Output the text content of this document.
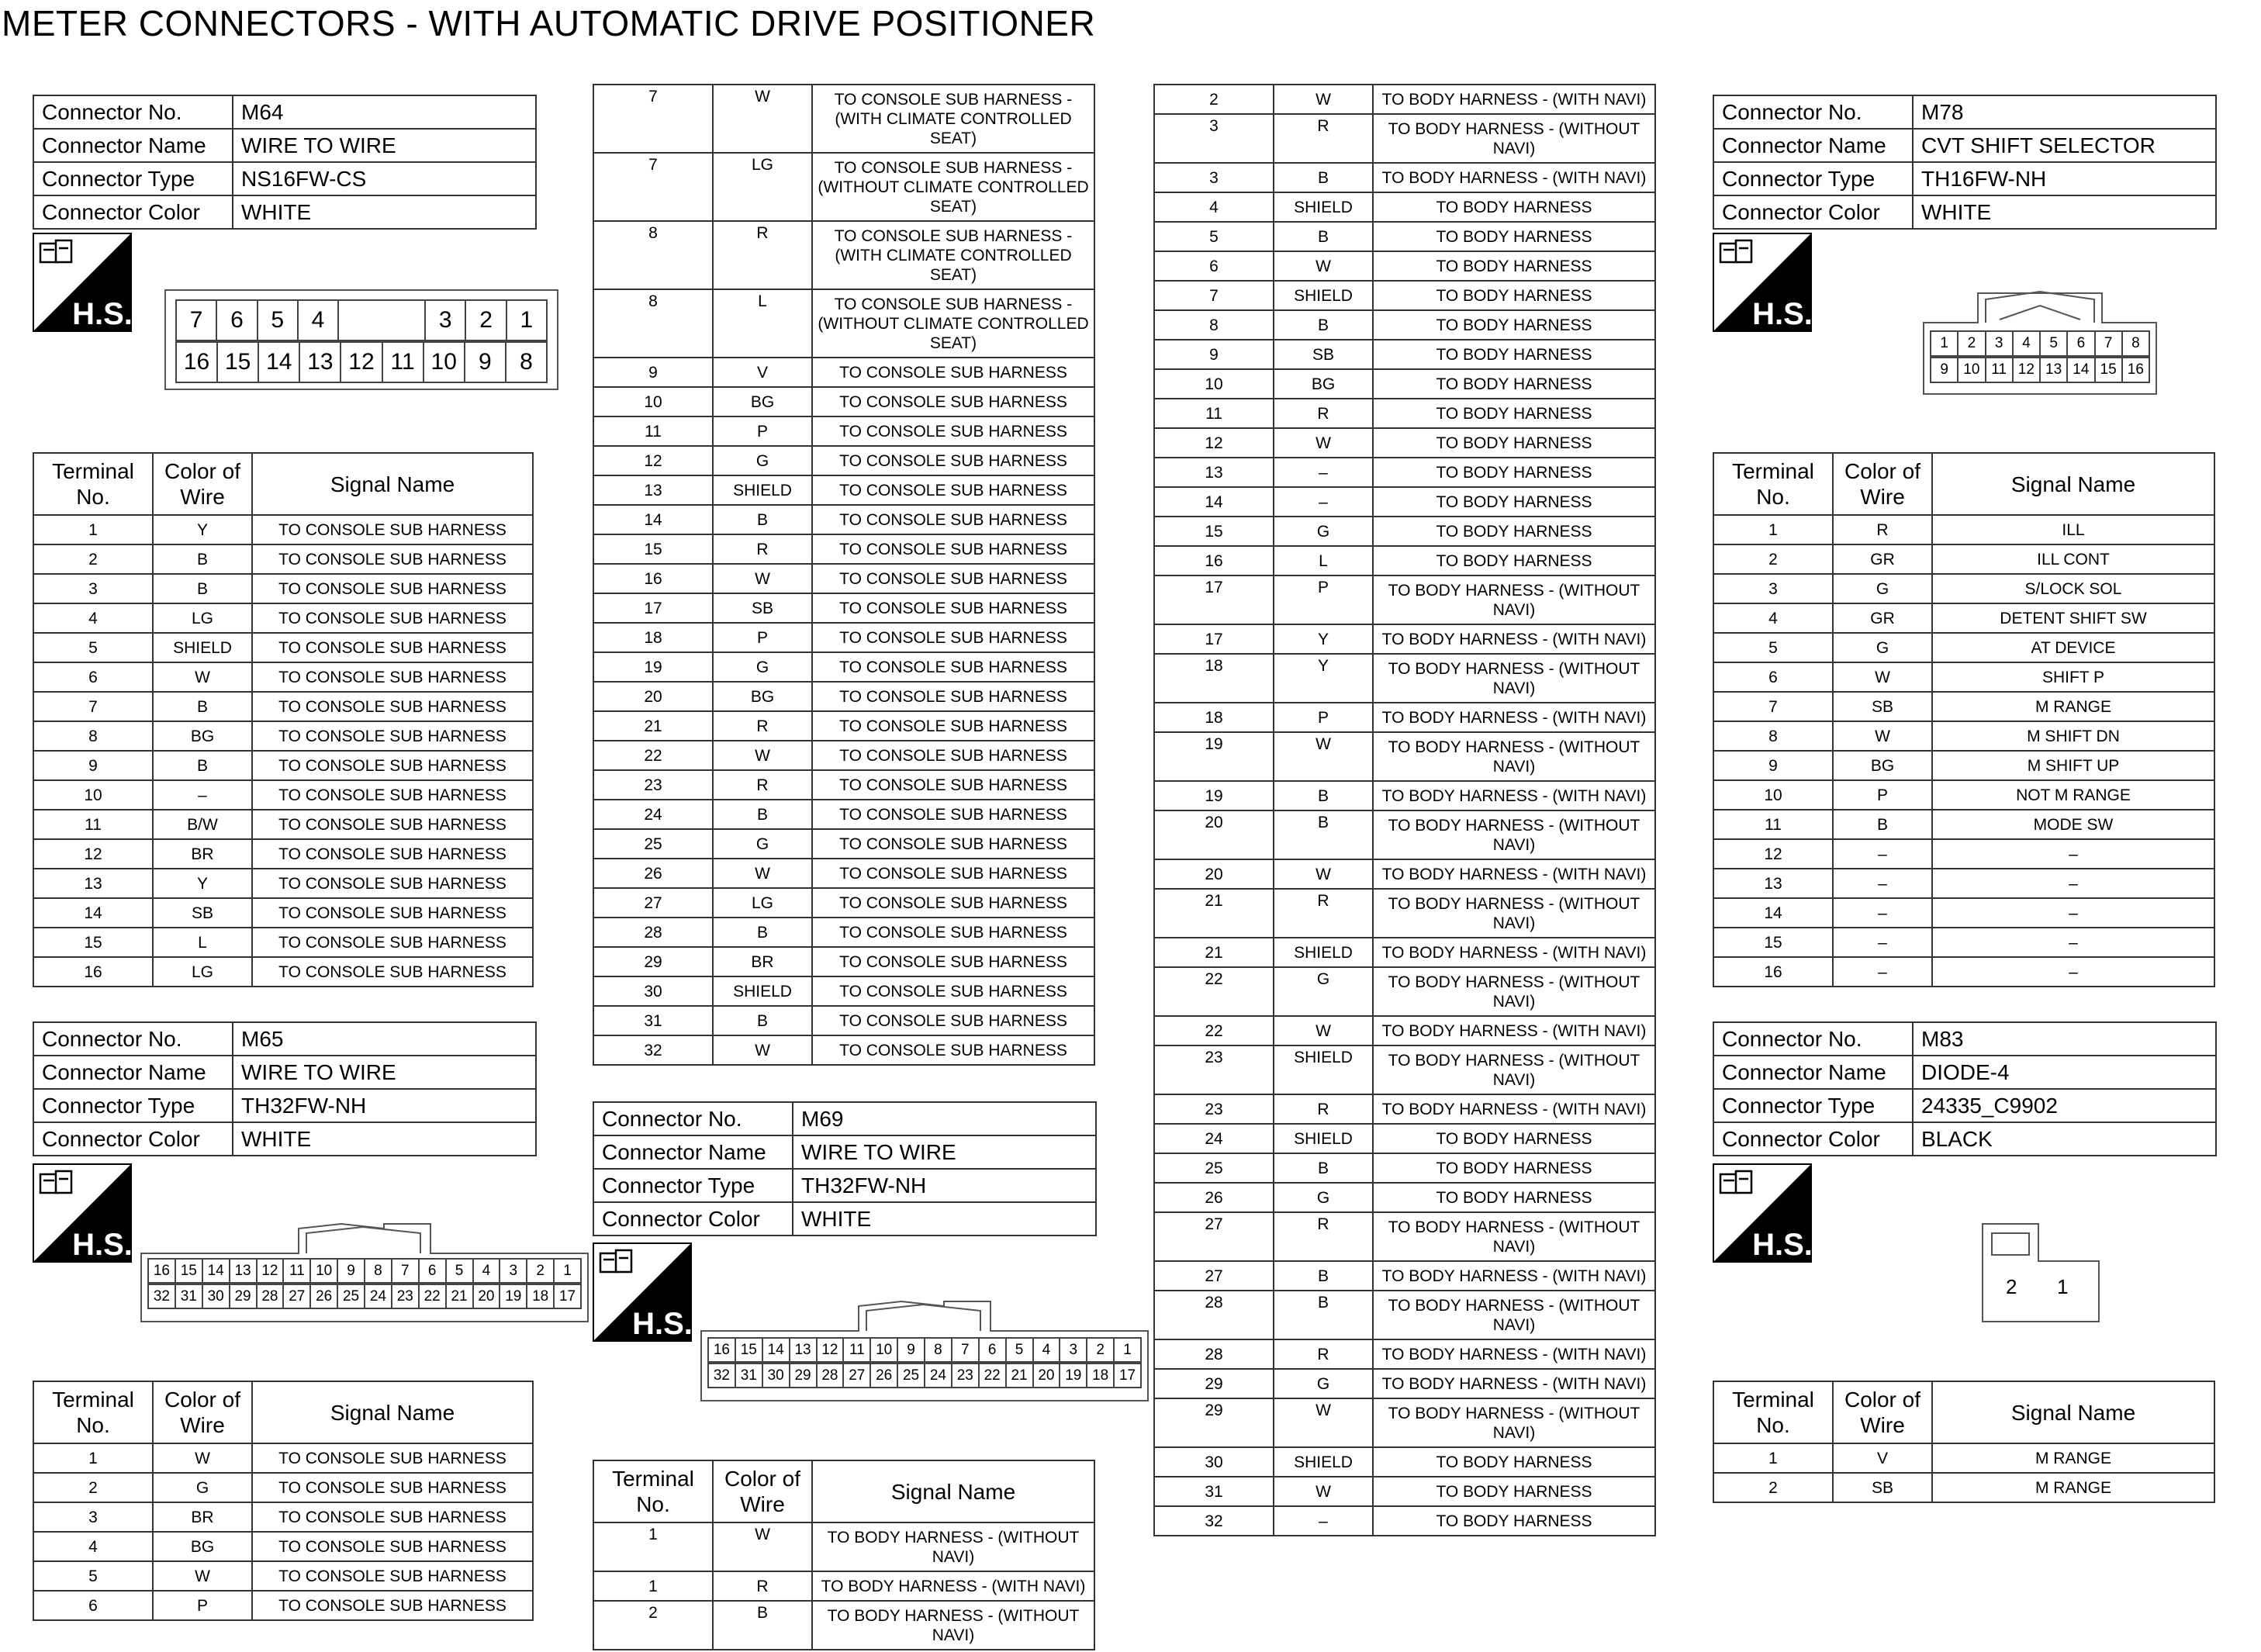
METER CONNECTORS - WITH AUTOMATIC DRIVE POSITIONER
Connector No.	M64
Connector Name	WIRE TO WIRE
Connector Type	NS16FW-CS
Connector Color	WHITE
H.S. 7	6	5	4		3	2	1
16	15	14	13	12	11	10	9	8
Terminal No.	Color of Wire	Signal Name
1	Y	TO CONSOLE SUB HARNESS
2	B	TO CONSOLE SUB HARNESS
3	B	TO CONSOLE SUB HARNESS
4	LG	TO CONSOLE SUB HARNESS
5	SHIELD	TO CONSOLE SUB HARNESS
6	W	TO CONSOLE SUB HARNESS
7	B	TO CONSOLE SUB HARNESS
8	BG	TO CONSOLE SUB HARNESS
9	B	TO CONSOLE SUB HARNESS
10	–	TO CONSOLE SUB HARNESS
11	B/W	TO CONSOLE SUB HARNESS
12	BR	TO CONSOLE SUB HARNESS
13	Y	TO CONSOLE SUB HARNESS
14	SB	TO CONSOLE SUB HARNESS
15	L	TO CONSOLE SUB HARNESS
16	LG	TO CONSOLE SUB HARNESS
Connector No.	M65
Connector Name	WIRE TO WIRE
Connector Type	TH32FW-NH
Connector Color	WHITE
H.S.
16	15	14	13	12	11	10	9	8	7	6	5	4	3	2	1
32	31	30	29	28	27	26	25	24	23	22	21	20	19	18	17
Terminal No.	Color of Wire	Signal Name
1	W	TO CONSOLE SUB HARNESS
2	G	TO CONSOLE SUB HARNESS
3	BR	TO CONSOLE SUB HARNESS
4	BG	TO CONSOLE SUB HARNESS
5	W	TO CONSOLE SUB HARNESS
6	P	TO CONSOLE SUB HARNESS
7	W	TO CONSOLE SUB HARNESS - (WITH CLIMATE CONTROLLED SEAT)
7	LG	TO CONSOLE SUB HARNESS - (WITHOUT CLIMATE CONTROLLED SEAT)
8	R	TO CONSOLE SUB HARNESS - (WITH CLIMATE CONTROLLED SEAT)
8	L	TO CONSOLE SUB HARNESS - (WITHOUT CLIMATE CONTROLLED SEAT)
9	V	TO CONSOLE SUB HARNESS
10	BG	TO CONSOLE SUB HARNESS
11	P	TO CONSOLE SUB HARNESS
12	G	TO CONSOLE SUB HARNESS
13	SHIELD	TO CONSOLE SUB HARNESS
14	B	TO CONSOLE SUB HARNESS
15	R	TO CONSOLE SUB HARNESS
16	W	TO CONSOLE SUB HARNESS
17	SB	TO CONSOLE SUB HARNESS
18	P	TO CONSOLE SUB HARNESS
19	G	TO CONSOLE SUB HARNESS
20	BG	TO CONSOLE SUB HARNESS
21	R	TO CONSOLE SUB HARNESS
22	W	TO CONSOLE SUB HARNESS
23	R	TO CONSOLE SUB HARNESS
24	B	TO CONSOLE SUB HARNESS
25	G	TO CONSOLE SUB HARNESS
26	W	TO CONSOLE SUB HARNESS
27	LG	TO CONSOLE SUB HARNESS
28	B	TO CONSOLE SUB HARNESS
29	BR	TO CONSOLE SUB HARNESS
30	SHIELD	TO CONSOLE SUB HARNESS
31	B	TO CONSOLE SUB HARNESS
32	W	TO CONSOLE SUB HARNESS
Connector No.	M69
Connector Name	WIRE TO WIRE
Connector Type	TH32FW-NH
Connector Color	WHITE
H.S.
16	15	14	13	12	11	10	9	8	7	6	5	4	3	2	1
32	31	30	29	28	27	26	25	24	23	22	21	20	19	18	17
Terminal No.	Color of Wire	Signal Name
1	W	TO BODY HARNESS - (WITHOUT NAVI)
1	R	TO BODY HARNESS - (WITH NAVI)
2	B	TO BODY HARNESS - (WITHOUT NAVI)
2	W	TO BODY HARNESS - (WITH NAVI)
3	R	TO BODY HARNESS - (WITHOUT NAVI)
3	B	TO BODY HARNESS - (WITH NAVI)
4	SHIELD	TO BODY HARNESS
5	B	TO BODY HARNESS
6	W	TO BODY HARNESS
7	SHIELD	TO BODY HARNESS
8	B	TO BODY HARNESS
9	SB	TO BODY HARNESS
10	BG	TO BODY HARNESS
11	R	TO BODY HARNESS
12	W	TO BODY HARNESS
13	–	TO BODY HARNESS
14	–	TO BODY HARNESS
15	G	TO BODY HARNESS
16	L	TO BODY HARNESS
17	P	TO BODY HARNESS - (WITHOUT NAVI)
17	Y	TO BODY HARNESS - (WITH NAVI)
18	Y	TO BODY HARNESS - (WITHOUT NAVI)
18	P	TO BODY HARNESS - (WITH NAVI)
19	W	TO BODY HARNESS - (WITHOUT NAVI)
19	B	TO BODY HARNESS - (WITH NAVI)
20	B	TO BODY HARNESS - (WITHOUT NAVI)
20	W	TO BODY HARNESS - (WITH NAVI)
21	R	TO BODY HARNESS - (WITHOUT NAVI)
21	SHIELD	TO BODY HARNESS - (WITH NAVI)
22	G	TO BODY HARNESS - (WITHOUT NAVI)
22	W	TO BODY HARNESS - (WITH NAVI)
23	SHIELD	TO BODY HARNESS - (WITHOUT NAVI)
23	R	TO BODY HARNESS - (WITH NAVI)
24	SHIELD	TO BODY HARNESS
25	B	TO BODY HARNESS
26	G	TO BODY HARNESS
27	R	TO BODY HARNESS - (WITHOUT NAVI)
27	B	TO BODY HARNESS - (WITH NAVI)
28	B	TO BODY HARNESS - (WITHOUT NAVI)
28	R	TO BODY HARNESS - (WITH NAVI)
29	G	TO BODY HARNESS - (WITH NAVI)
29	W	TO BODY HARNESS - (WITHOUT NAVI)
30	SHIELD	TO BODY HARNESS
31	W	TO BODY HARNESS
32	–	TO BODY HARNESS
Connector No.	M78
Connector Name	CVT SHIFT SELECTOR
Connector Type	TH16FW-NH
Connector Color	WHITE
H.S.
1	2	3	4	5	6	7	8
9	10	11	12	13	14	15	16
Terminal No.	Color of Wire	Signal Name
1	R	ILL
2	GR	ILL CONT
3	G	S/LOCK SOL
4	GR	DETENT SHIFT SW
5	G	AT DEVICE
6	W	SHIFT P
7	SB	M RANGE
8	W	M SHIFT DN
9	BG	M SHIFT UP
10	P	NOT M RANGE
11	B	MODE SW
12	–	–
13	–	–
14	–	–
15	–	–
16	–	–
Connector No.	M83
Connector Name	DIODE-4
Connector Type	24335_C9902
Connector Color	BLACK
H.S.
2 1
Terminal No.	Color of Wire	Signal Name
1	V	M RANGE
2	SB	M RANGE
